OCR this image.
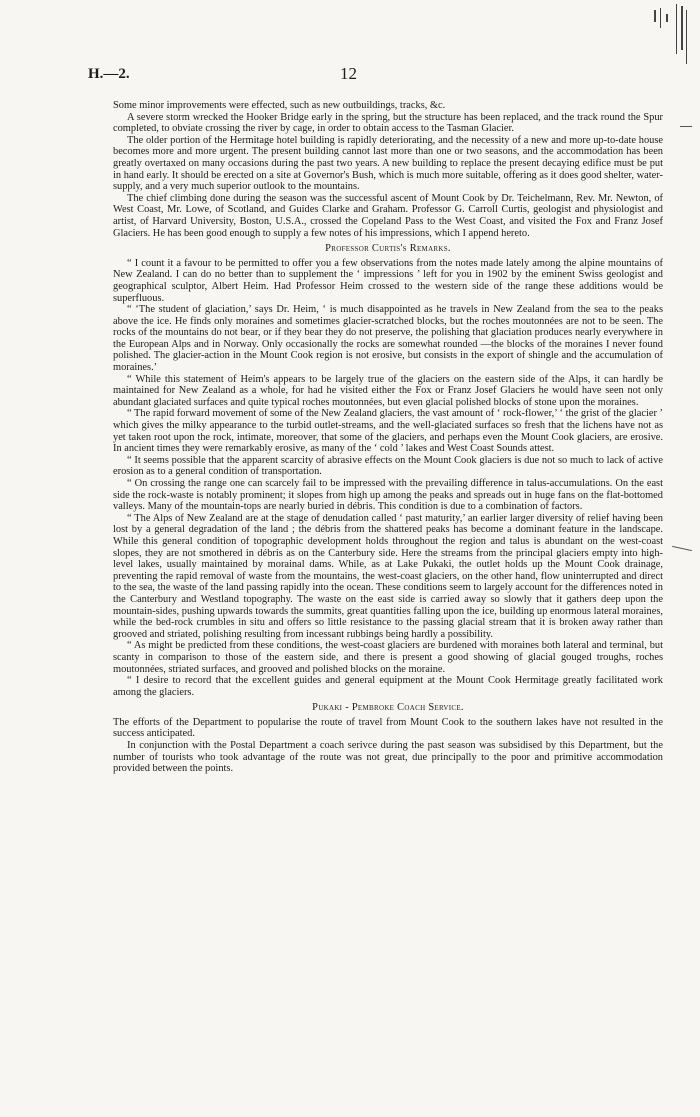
H.—2.	12

Some minor improvements were effected, such as new outbuildings, tracks, &c.

A severe storm wrecked the Hooker Bridge early in the spring, but the structure has been replaced, and the track round the Spur completed, to obviate crossing the river by cage, in order to obtain access to the Tasman Glacier.

The older portion of the Hermitage hotel building is rapidly deteriorating, and the necessity of a new and more up-to-date house becomes more and more urgent. The present building cannot last more than one or two seasons, and the accommodation has been greatly overtaxed on many occasions during the past two years. A new building to replace the present decaying edifice must be put in hand early. It should be erected on a site at Governor's Bush, which is much more suitable, offering as it does good shelter, water-supply, and a very much superior outlook to the mountains.

The chief climbing done during the season was the successful ascent of Mount Cook by Dr. Teichelmann, Rev. Mr. Newton, of West Coast, Mr. Lowe, of Scotland, and Guides Clarke and Graham. Professor G. Carroll Curtis, geologist and physiologist and artist, of Harvard University, Boston, U.S.A., crossed the Copeland Pass to the West Coast, and visited the Fox and Franz Josef Glaciers. He has been good enough to supply a few notes of his impressions, which I append hereto.

Professor Curtis's Remarks.

“ I count it a favour to be permitted to offer you a few observations from the notes made lately among the alpine mountains of New Zealand. I can do no better than to supplement the ‘ impressions ’ left for you in 1902 by the eminent Swiss geologist and geographical sculptor, Albert Heim. Had Professor Heim crossed to the western side of the range these additions would be superfluous.

“ ‘The student of glaciation,’ says Dr. Heim, ‘ is much disappointed as he travels in New Zealand from the sea to the peaks above the ice. He finds only moraines and sometimes glacier-scratched blocks, but the roches moutonnées are not to be seen. The rocks of the mountains do not bear, or if they bear they do not preserve, the polishing that glaciation produces nearly everywhere in the European Alps and in Norway. Only occasionally the rocks are somewhat rounded —the blocks of the moraines I never found polished. The glacier-action in the Mount Cook region is not erosive, but consists in the export of shingle and the accumulation of moraines.’

“ While this statement of Heim's appears to be largely true of the glaciers on the eastern side of the Alps, it can hardly be maintained for New Zealand as a whole, for had he visited either the Fox or Franz Josef Glaciers he would have seen not only abundant glaciated surfaces and quite typical roches moutonnées, but even glacial polished blocks of stone upon the moraines.

“ The rapid forward movement of some of the New Zealand glaciers, the vast amount of ‘ rock-flower,’ ‘ the grist of the glacier ’ which gives the milky appearance to the turbid outlet-streams, and the well-glaciated surfaces so fresh that the lichens have not as yet taken root upon the rock, intimate, moreover, that some of the glaciers, and perhaps even the Mount Cook glaciers, are erosive. In ancient times they were remarkably erosive, as many of the ‘ cold ’ lakes and West Coast Sounds attest.

“ It seems possible that the apparent scarcity of abrasive effects on the Mount Cook glaciers is due not so much to lack of active erosion as to a general condition of transportation.

“ On crossing the range one can scarcely fail to be impressed with the prevailing difference in talus-accumulations. On the east side the rock-waste is notably prominent; it slopes from high up among the peaks and spreads out in huge fans on the flat-bottomed valleys. Many of the mountain-tops are nearly buried in débris. This condition is due to a combination of factors.

“ The Alps of New Zealand are at the stage of denudation called ‘ past maturity,’ an earlier larger diversity of relief having been lost by a general degradation of the land ; the débris from the shattered peaks has become a dominant feature in the landscape. While this general condition of topographic development holds throughout the region and talus is abundant on the west-coast slopes, they are not smothered in débris as on the Canterbury side. Here the streams from the principal glaciers empty into high-level lakes, usually maintained by morainal dams. While, as at Lake Pukaki, the outlet holds up the Mount Cook drainage, preventing the rapid removal of waste from the mountains, the west-coast glaciers, on the other hand, flow uninterrupted and direct to the sea, the waste of the land passing rapidly into the ocean. These conditions seem to largely account for the differences noted in the Canterbury and Westland topography. The waste on the east side is carried away so slowly that it gathers deep upon the mountain-sides, pushing upwards towards the summits, great quantities falling upon the ice, building up enormous lateral moraines, while the bed-rock crumbles in situ and offers so little resistance to the passing glacial stream that it is broken away rather than grooved and striated, polishing resulting from incessant rubbings being hardly a possibility.

“ As might be predicted from these conditions, the west-coast glaciers are burdened with moraines both lateral and terminal, but scanty in comparison to those of the eastern side, and there is present a good showing of glacial gouged troughs, roches moutonnées, striated surfaces, and grooved and polished blocks on the moraine.

“ I desire to record that the excellent guides and general equipment at the Mount Cook Hermitage greatly facilitated work among the glaciers.

Pukaki - Pembroke Coach Service.

The efforts of the Department to popularise the route of travel from Mount Cook to the southern lakes have not resulted in the success anticipated.

In conjunction with the Postal Department a coach serivce during the past season was subsidised by this Department, but the number of tourists who took advantage of the route was not great, due principally to the poor and primitive accommodation provided between the points.
